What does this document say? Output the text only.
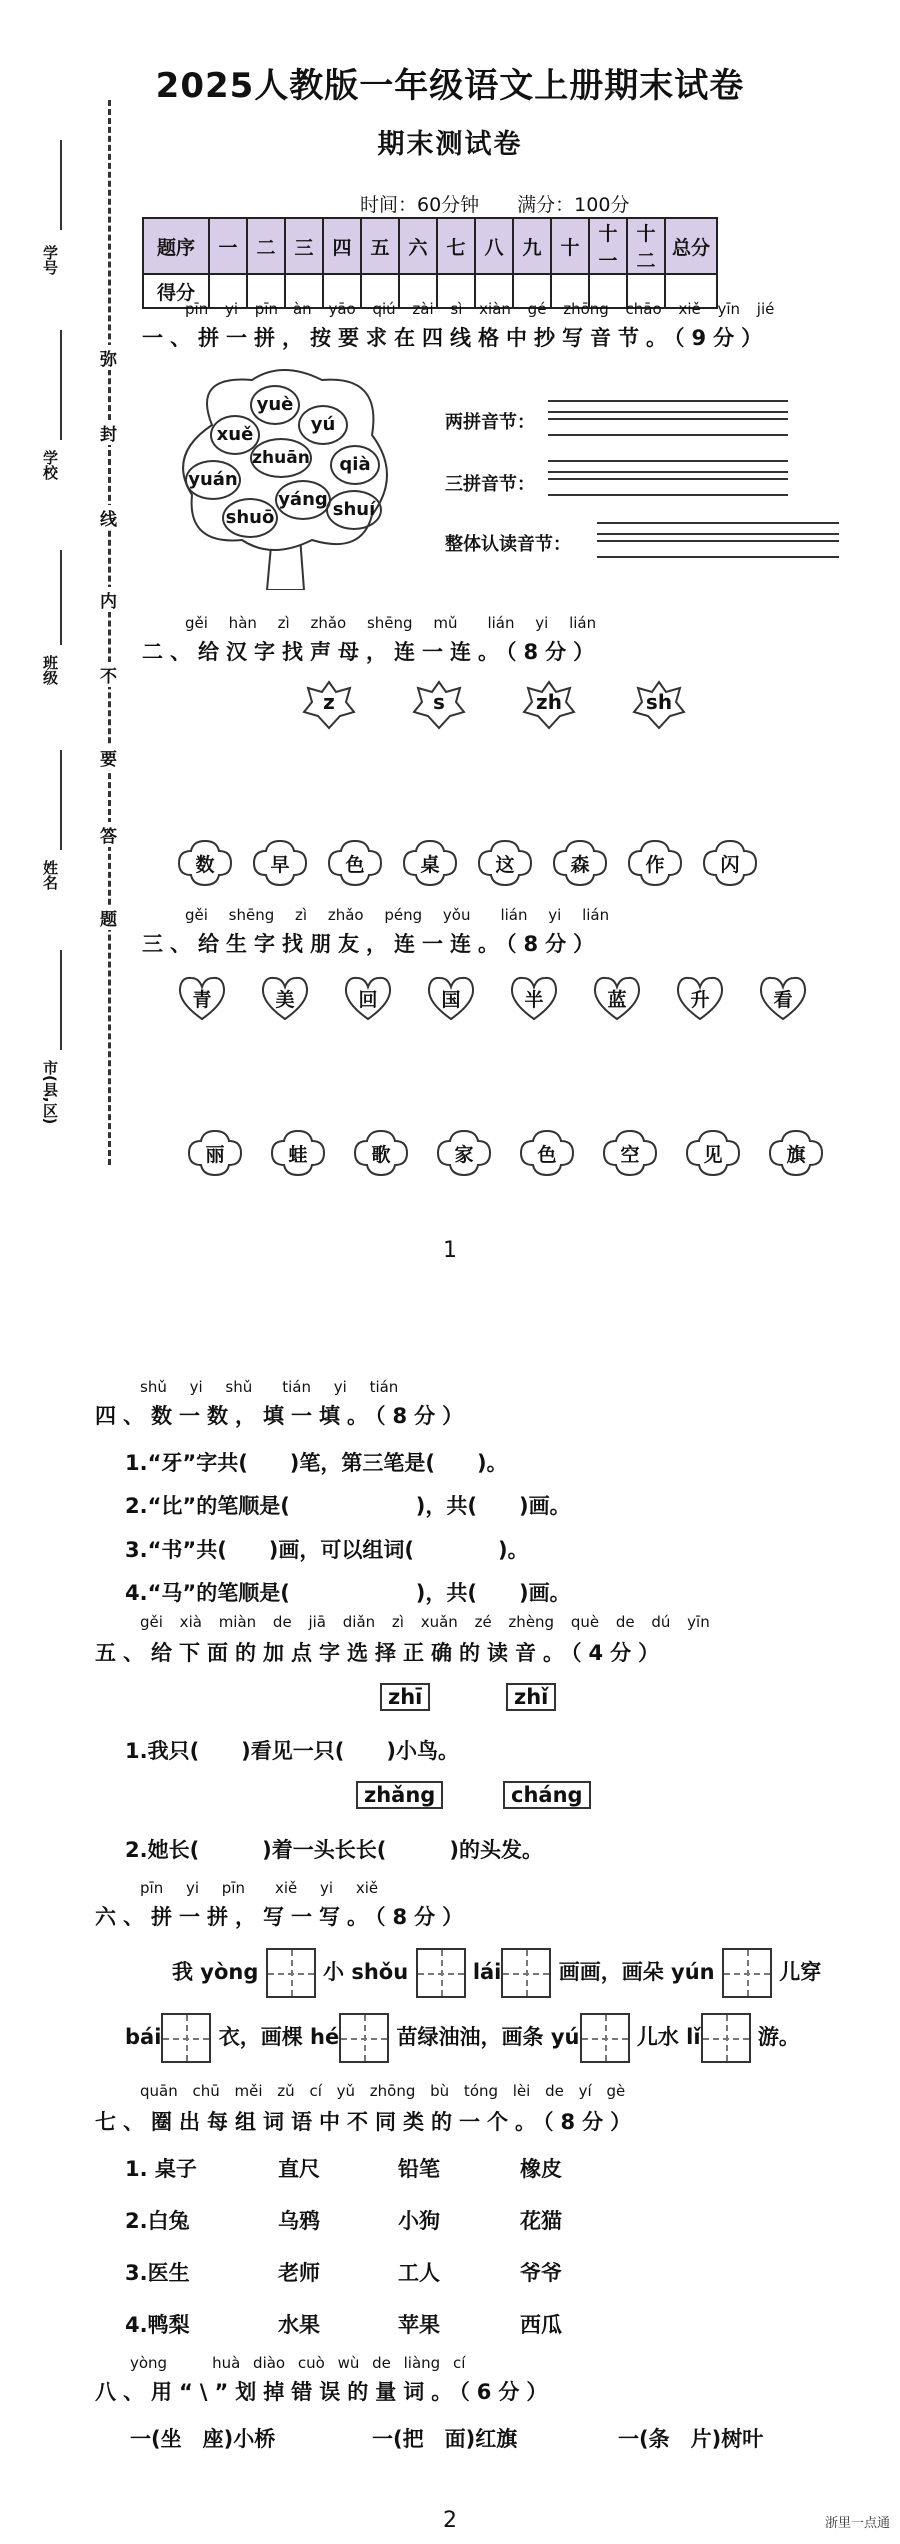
2025人教版一年级语文上册期末试卷
期末测试卷
时间：60分钟　　满分：100分
题序	一	二	三	四	五	六	七	八	九	十	十一	十二	总分
得分													
学号
学校
班级
姓名
市(县,区)
弥
封
线
内
不
要
答
题
pīn yi pīn　àn yāo qiú zài sì xiàn gé zhōng chāo xiě yīn jié
一、拼一拼，按要求在四线格中抄写音节。（9分）
yuè
xuě	yú
zhuān	qià
yuán
shuō
yáng shuí
两拼音节：
三拼音节：
整体认读音节：
gěi hàn zì zhǎo shēng mǔ　　lián yi lián
二、给汉字找声母，连一连。（8分）
z	s	zh	sh
数	早	色	桌	这	森	作	闪
gěi shēng zì zhǎo péng yǒu　　lián yi lián
三、给生字找朋友，连一连。（8分）
青	美	回	国	半	蓝	升	看
丽	蛙	歌	家	色	空	见	旗
1
shǔ yi shǔ　　tián yi tián
四、数一数，填一填。（8分）
1.“牙”字共(　　)笔，第三笔是(　　)。
2.“比”的笔顺是(　　　　　　)，共(　　)画。
3.“书”共(　　)画，可以组词(　　　　)。
4.“马”的笔顺是(　　　　　　)，共(　　)画。
gěi xià miàn de jiā diǎn zì xuǎn zé zhèng què de dú yīn
五、给下面的加点字选择正确的读音。（4分）
zhī	zhǐ
1.我只(　　)看见一只(　　)小鸟。
zhǎng	cháng
2.她长(　　　)着一头长长(　　　)的头发。
pīn yi pīn　　xiě yi xiě
六、拼一拼，写一写。（8分）
我 yòng	小 shǒu	lái	画画，画朵 yún	儿穿
bái	衣，画棵 hé	苗绿油油，画条 yú	儿水 lǐ	游。
quān chū měi zǔ cí yǔ zhōng bù tóng lèi de yí gè
七、圈出每组词语中不同类的一个。（8分）
1. 桌子	直尺	铅笔	橡皮
2.白兔	乌鸦	小狗	花猫
3.医生	老师	工人	爷爷
4.鸭梨	水果	苹果	西瓜
yòng　　　huà diào cuò wù de liàng cí
八、用“\”划掉错误的量词。（6分）
一(坐　座)小桥	一(把　面)红旗	一(条　片)树叶
2	浙里一点通
